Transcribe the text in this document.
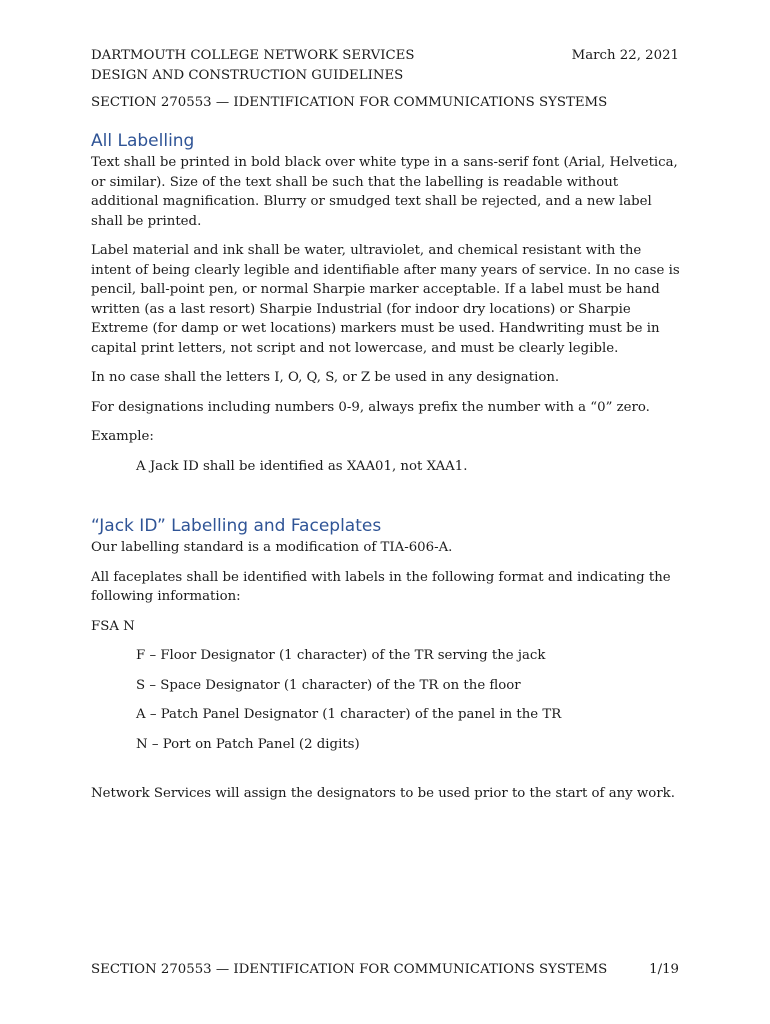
DARTMOUTH COLLEGE NETWORK SERVICES	March 22, 2021
DESIGN AND CONSTRUCTION GUIDELINES
SECTION 270553 — IDENTIFICATION FOR COMMUNICATIONS SYSTEMS
All Labelling

Text shall be printed in bold black over white type in a sans-serif font (Arial, Helvetica, or similar). Size of the text shall be such that the labelling is readable without additional magnification. Blurry or smudged text shall be rejected, and a new label shall be printed.

Label material and ink shall be water, ultraviolet, and chemical resistant with the intent of being clearly legible and identifiable after many years of service. In no case is pencil, ball-point pen, or normal Sharpie marker acceptable. If a label must be hand written (as a last resort) Sharpie Industrial (for indoor dry locations) or Sharpie Extreme (for damp or wet locations) markers must be used. Handwriting must be in capital print letters, not script and not lowercase, and must be clearly legible.

In no case shall the letters I, O, Q, S, or Z be used in any designation.

For designations including numbers 0-9, always prefix the number with a “0” zero.

Example:

A Jack ID shall be identified as XAA01, not XAA1.

“Jack ID” Labelling and Faceplates

Our labelling standard is a modification of TIA-606-A.

All faceplates shall be identified with labels in the following format and indicating the following information:

FSA N

F – Floor Designator (1 character) of the TR serving the jack

S – Space Designator (1 character) of the TR on the floor

A – Patch Panel Designator (1 character) of the panel in the TR

N – Port on Patch Panel (2 digits)

Network Services will assign the designators to be used prior to the start of any work.

SECTION 270553 — IDENTIFICATION FOR COMMUNICATIONS SYSTEMS	1/19
